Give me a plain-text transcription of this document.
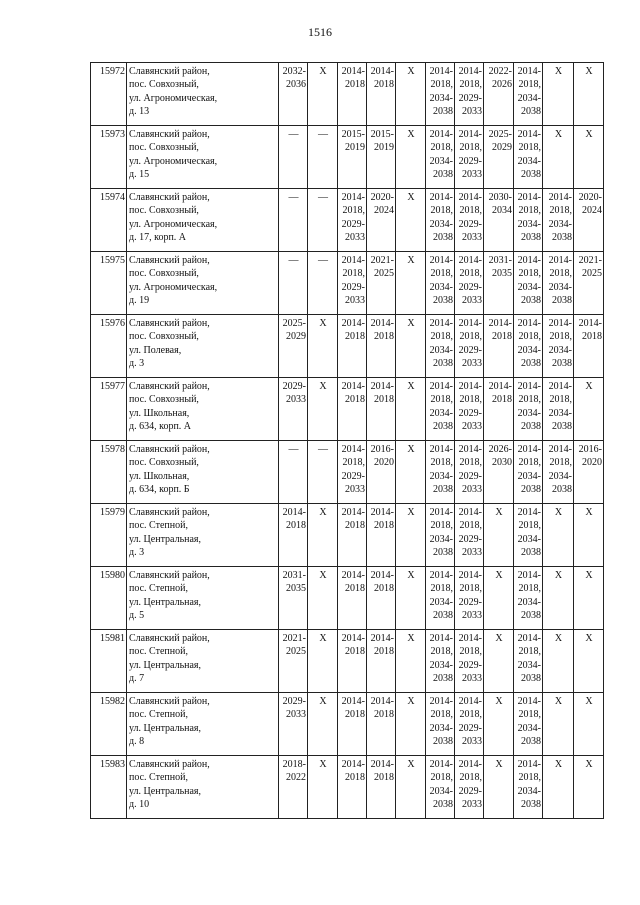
1516
15972	Славянский район,
пос. Совхозный,
ул. Агрономическая,
д. 13	2032-
2036	X	2014-
2018	2014-
2018	X	2014-
2018,
2034-
2038	2014-
2018,
2029-
2033	2022-
2026	2014-
2018,
2034-
2038	X	X
15973	Славянский район,
пос. Совхозный,
ул. Агрономическая,
д. 15	—	—	2015-
2019	2015-
2019	X	2014-
2018,
2034-
2038	2014-
2018,
2029-
2033	2025-
2029	2014-
2018,
2034-
2038	X	X
15974	Славянский район,
пос. Совхозный,
ул. Агрономическая,
д. 17, корп. А	—	—	2014-
2018,
2029-
2033	2020-
2024	X	2014-
2018,
2034-
2038	2014-
2018,
2029-
2033	2030-
2034	2014-
2018,
2034-
2038	2014-
2018,
2034-
2038	2020-
2024
15975	Славянский район,
пос. Совхозный,
ул. Агрономическая,
д. 19	—	—	2014-
2018,
2029-
2033	2021-
2025	X	2014-
2018,
2034-
2038	2014-
2018,
2029-
2033	2031-
2035	2014-
2018,
2034-
2038	2014-
2018,
2034-
2038	2021-
2025
15976	Славянский район,
пос. Совхозный,
ул. Полевая,
д. 3	2025-
2029	X	2014-
2018	2014-
2018	X	2014-
2018,
2034-
2038	2014-
2018,
2029-
2033	2014-
2018	2014-
2018,
2034-
2038	2014-
2018,
2034-
2038	2014-
2018
15977	Славянский район,
пос. Совхозный,
ул. Школьная,
д. 634, корп. А	2029-
2033	X	2014-
2018	2014-
2018	X	2014-
2018,
2034-
2038	2014-
2018,
2029-
2033	2014-
2018	2014-
2018,
2034-
2038	2014-
2018,
2034-
2038	X
15978	Славянский район,
пос. Совхозный,
ул. Школьная,
д. 634, корп. Б	—	—	2014-
2018,
2029-
2033	2016-
2020	X	2014-
2018,
2034-
2038	2014-
2018,
2029-
2033	2026-
2030	2014-
2018,
2034-
2038	2014-
2018,
2034-
2038	2016-
2020
15979	Славянский район,
пос. Степной,
ул. Центральная,
д. 3	2014-
2018	X	2014-
2018	2014-
2018	X	2014-
2018,
2034-
2038	2014-
2018,
2029-
2033	X	2014-
2018,
2034-
2038	X	X
15980	Славянский район,
пос. Степной,
ул. Центральная,
д. 5	2031-
2035	X	2014-
2018	2014-
2018	X	2014-
2018,
2034-
2038	2014-
2018,
2029-
2033	X	2014-
2018,
2034-
2038	X	X
15981	Славянский район,
пос. Степной,
ул. Центральная,
д. 7	2021-
2025	X	2014-
2018	2014-
2018	X	2014-
2018,
2034-
2038	2014-
2018,
2029-
2033	X	2014-
2018,
2034-
2038	X	X
15982	Славянский район,
пос. Степной,
ул. Центральная,
д. 8	2029-
2033	X	2014-
2018	2014-
2018	X	2014-
2018,
2034-
2038	2014-
2018,
2029-
2033	X	2014-
2018,
2034-
2038	X	X
15983	Славянский район,
пос. Степной,
ул. Центральная,
д. 10	2018-
2022	X	2014-
2018	2014-
2018	X	2014-
2018,
2034-
2038	2014-
2018,
2029-
2033	X	2014-
2018,
2034-
2038	X	X
